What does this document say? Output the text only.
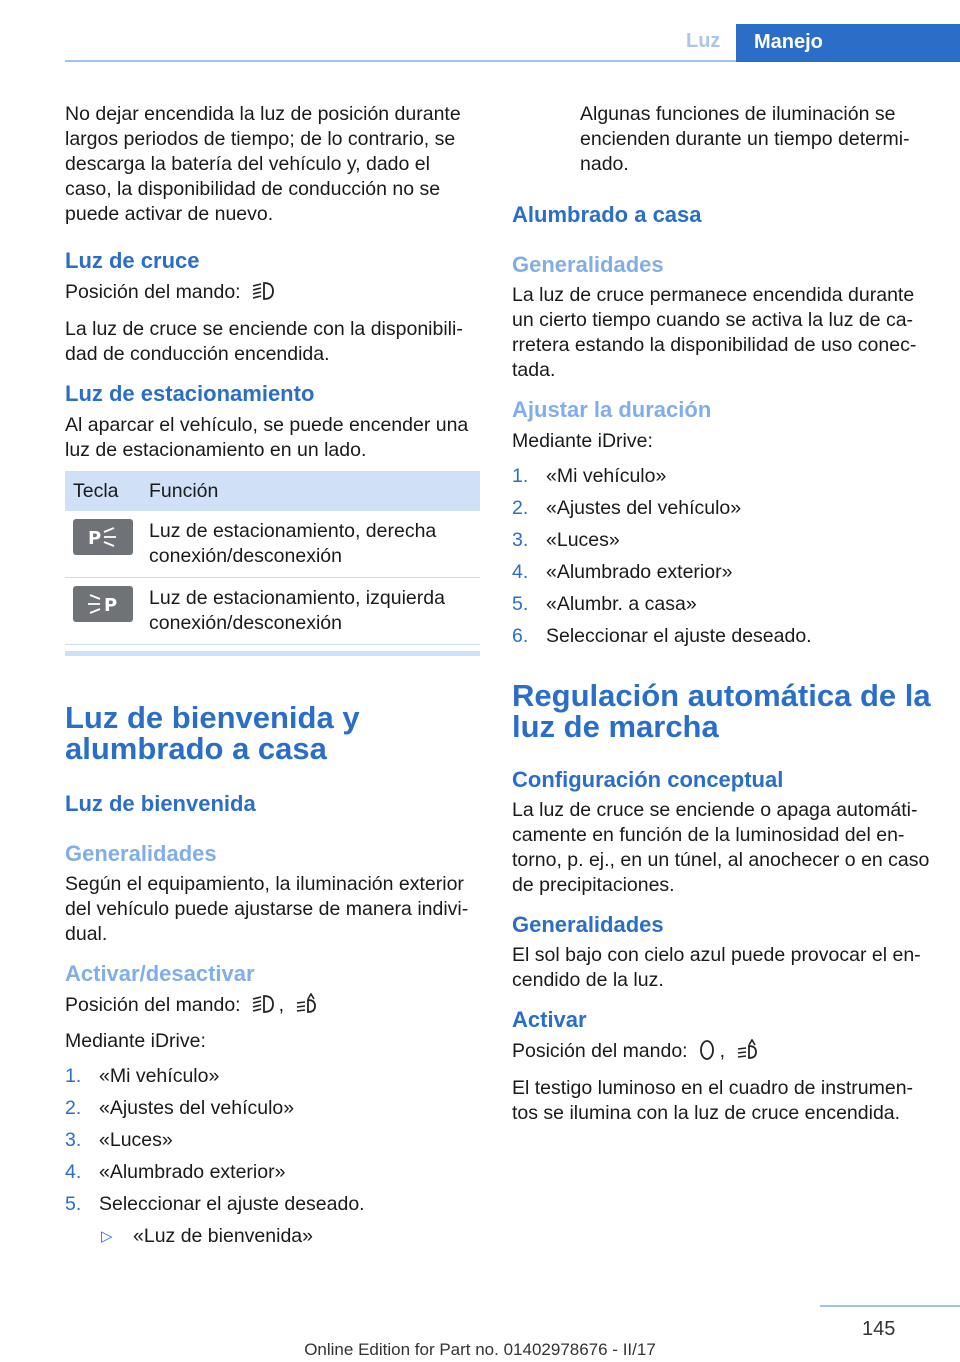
Luz	Manejo

No dejar encendida la luz de posición durante largos periodos de tiempo; de lo contrario, se descarga la batería del vehículo y, dado el caso, la disponibilidad de conducción no se puede activar de nuevo.

Luz de cruce

Posición del mando:

La luz de cruce se enciende con la disponibili‐dad de conducción encendida.

Luz de estacionamiento

Al aparcar el vehículo, se puede encender una luz de estacionamiento en un lado.

Tecla	Función

P	Luz de estacionamiento, derecha conexión/desconexión

P	Luz de estacionamiento, izquierda conexión/desconexión
Luz de bienvenida y alumbrado a casa
Luz de bienvenida
Generalidades

Según el equipamiento, la iluminación exterior del vehículo puede ajustarse de manera indivi‐dual.

Activar/desactivar

Posición del mando: ,

Mediante iDrive:

1. «Mi vehículo»
2. «Ajustes del vehículo»
3. «Luces»
4. «Alumbrado exterior»
5. Seleccionar el ajuste deseado.
▷ «Luz de bienvenida»

Algunas funciones de iluminación se encienden durante un tiempo determi‐nado.

Alumbrado a casa
Generalidades

La luz de cruce permanece encendida durante un cierto tiempo cuando se activa la luz de ca‐rretera estando la disponibilidad de uso conec‐tada.

Ajustar la duración

Mediante iDrive:

1. «Mi vehículo»
2. «Ajustes del vehículo»
3. «Luces»
4. «Alumbrado exterior»
5. «Alumbr. a casa»
6. Seleccionar el ajuste deseado.
Regulación automática de la luz de marcha
Configuración conceptual

La luz de cruce se enciende o apaga automáti‐camente en función de la luminosidad del en‐torno, p. ej., en un túnel, al anochecer o en caso de precipitaciones.

Generalidades

El sol bajo con cielo azul puede provocar el en‐cendido de la luz.

Activar

Posición del mando: ,

El testigo luminoso en el cuadro de instrumen‐tos se ilumina con la luz de cruce encendida.

145
Online Edition for Part no. 01402978676 - II/17
